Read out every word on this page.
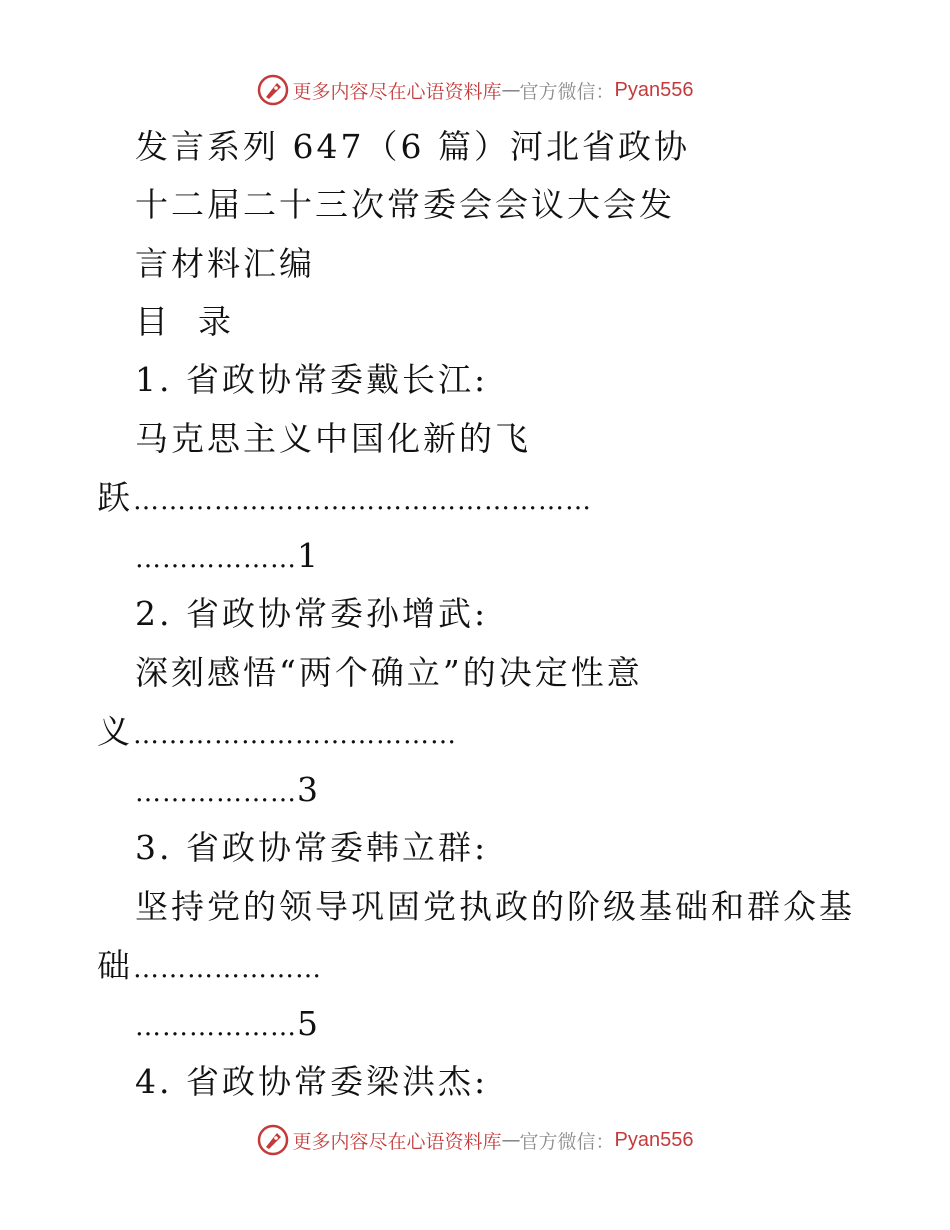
更多内容尽在心语资料库 — 官方微信： Pyan556
发言系列 647（6 篇）河北省政协
十二届二十三次常委会会议大会发
言材料汇编
目录
1. 省政协常委戴长江:
马克思主义中国化新的飞
跃……………………………………………
………………1
2. 省政协常委孙增武:
深刻感悟“两个确立”的决定性意
义………………………………
………………3
3. 省政协常委韩立群:
坚持党的领导巩固党执政的阶级基础和群众基
础…………………
………………5
4. 省政协常委梁洪杰:
更多内容尽在心语资料库 — 官方微信： Pyan556
